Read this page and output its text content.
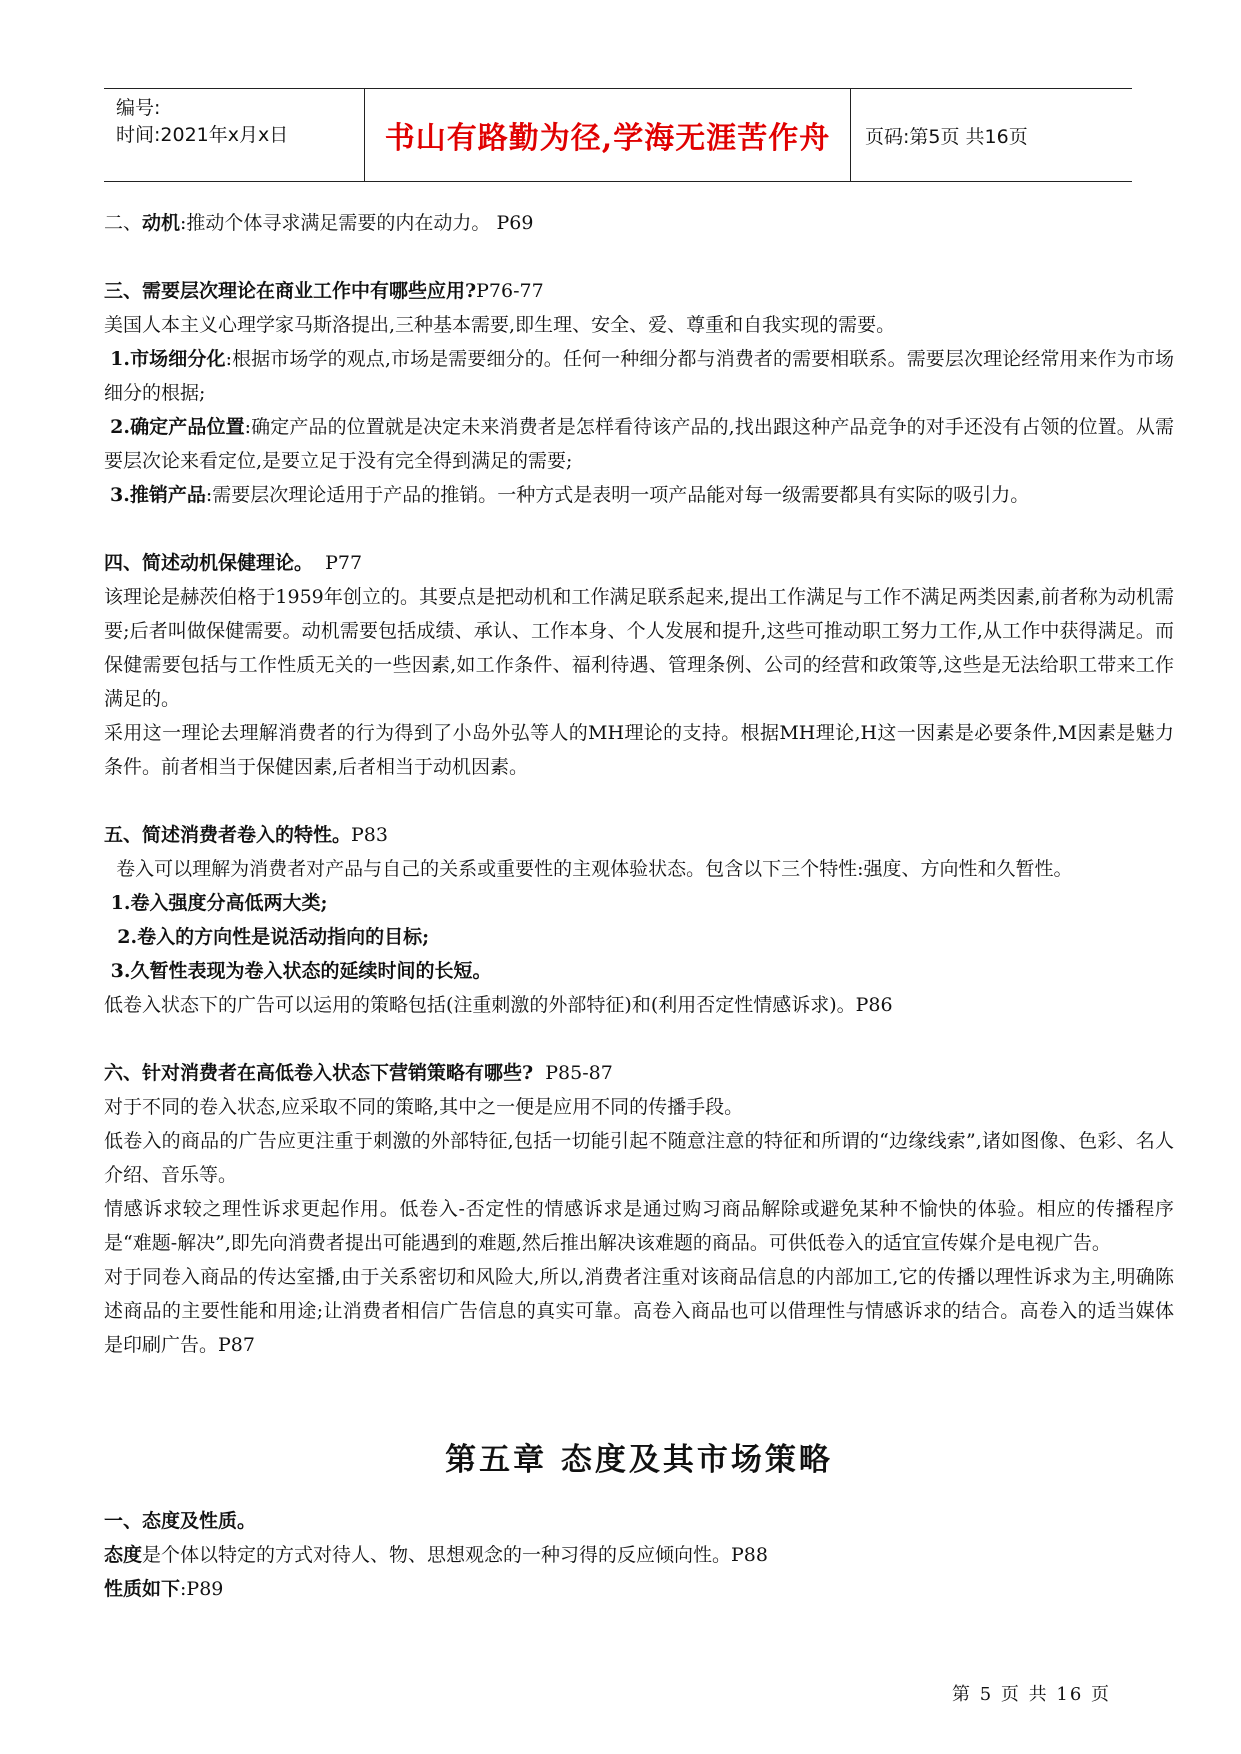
编号:
时间:2021年x月x日	书山有路勤为径,学海无涯苦作舟	页码:第5页 共16页

二、动机:推动个体寻求满足需要的内在动力。 P69

三、需要层次理论在商业工作中有哪些应用?P76-77

美国人本主义心理学家马斯洛提出,三种基本需要,即生理、安全、爱、尊重和自我实现的需要。

1.市场细分化:根据市场学的观点,市场是需要细分的。任何一种细分都与消费者的需要相联系。需要层次理论经常用来作为市场细分的根据;

2.确定产品位置:确定产品的位置就是决定未来消费者是怎样看待该产品的,找出跟这种产品竞争的对手还没有占领的位置。从需要层次论来看定位,是要立足于没有完全得到满足的需要;

3.推销产品:需要层次理论适用于产品的推销。一种方式是表明一项产品能对每一级需要都具有实际的吸引力。

四、简述动机保健理论。 P77

该理论是赫茨伯格于1959年创立的。其要点是把动机和工作满足联系起来,提出工作满足与工作不满足两类因素,前者称为动机需要;后者叫做保健需要。动机需要包括成绩、承认、工作本身、个人发展和提升,这些可推动职工努力工作,从工作中获得满足。而保健需要包括与工作性质无关的一些因素,如工作条件、福利待遇、管理条例、公司的经营和政策等,这些是无法给职工带来工作满足的。

采用这一理论去理解消费者的行为得到了小岛外弘等人的MH理论的支持。根据MH理论,H这一因素是必要条件,M因素是魅力条件。前者相当于保健因素,后者相当于动机因素。

五、简述消费者卷入的特性。P83

卷入可以理解为消费者对产品与自己的关系或重要性的主观体验状态。包含以下三个特性:强度、方向性和久暂性。

1.卷入强度分高低两大类;

2.卷入的方向性是说活动指向的目标;

3.久暂性表现为卷入状态的延续时间的长短。

低卷入状态下的广告可以运用的策略包括(注重刺激的外部特征)和(利用否定性情感诉求)。P86

六、针对消费者在高低卷入状态下营销策略有哪些? P85-87

对于不同的卷入状态,应采取不同的策略,其中之一便是应用不同的传播手段。

低卷入的商品的广告应更注重于刺激的外部特征,包括一切能引起不随意注意的特征和所谓的“边缘线索”,诸如图像、色彩、名人介绍、音乐等。

情感诉求较之理性诉求更起作用。低卷入-否定性的情感诉求是通过购习商品解除或避免某种不愉快的体验。相应的传播程序是“难题-解决”,即先向消费者提出可能遇到的难题,然后推出解决该难题的商品。可供低卷入的适宜宣传媒介是电视广告。

对于同卷入商品的传达室播,由于关系密切和风险大,所以,消费者注重对该商品信息的内部加工,它的传播以理性诉求为主,明确陈述商品的主要性能和用途;让消费者相信广告信息的真实可靠。高卷入商品也可以借理性与情感诉求的结合。高卷入的适当媒体是印刷广告。P87

第五章 态度及其市场策略

一、态度及性质。

态度是个体以特定的方式对待人、物、思想观念的一种习得的反应倾向性。P88

性质如下:P89

第 5 页 共 16 页
